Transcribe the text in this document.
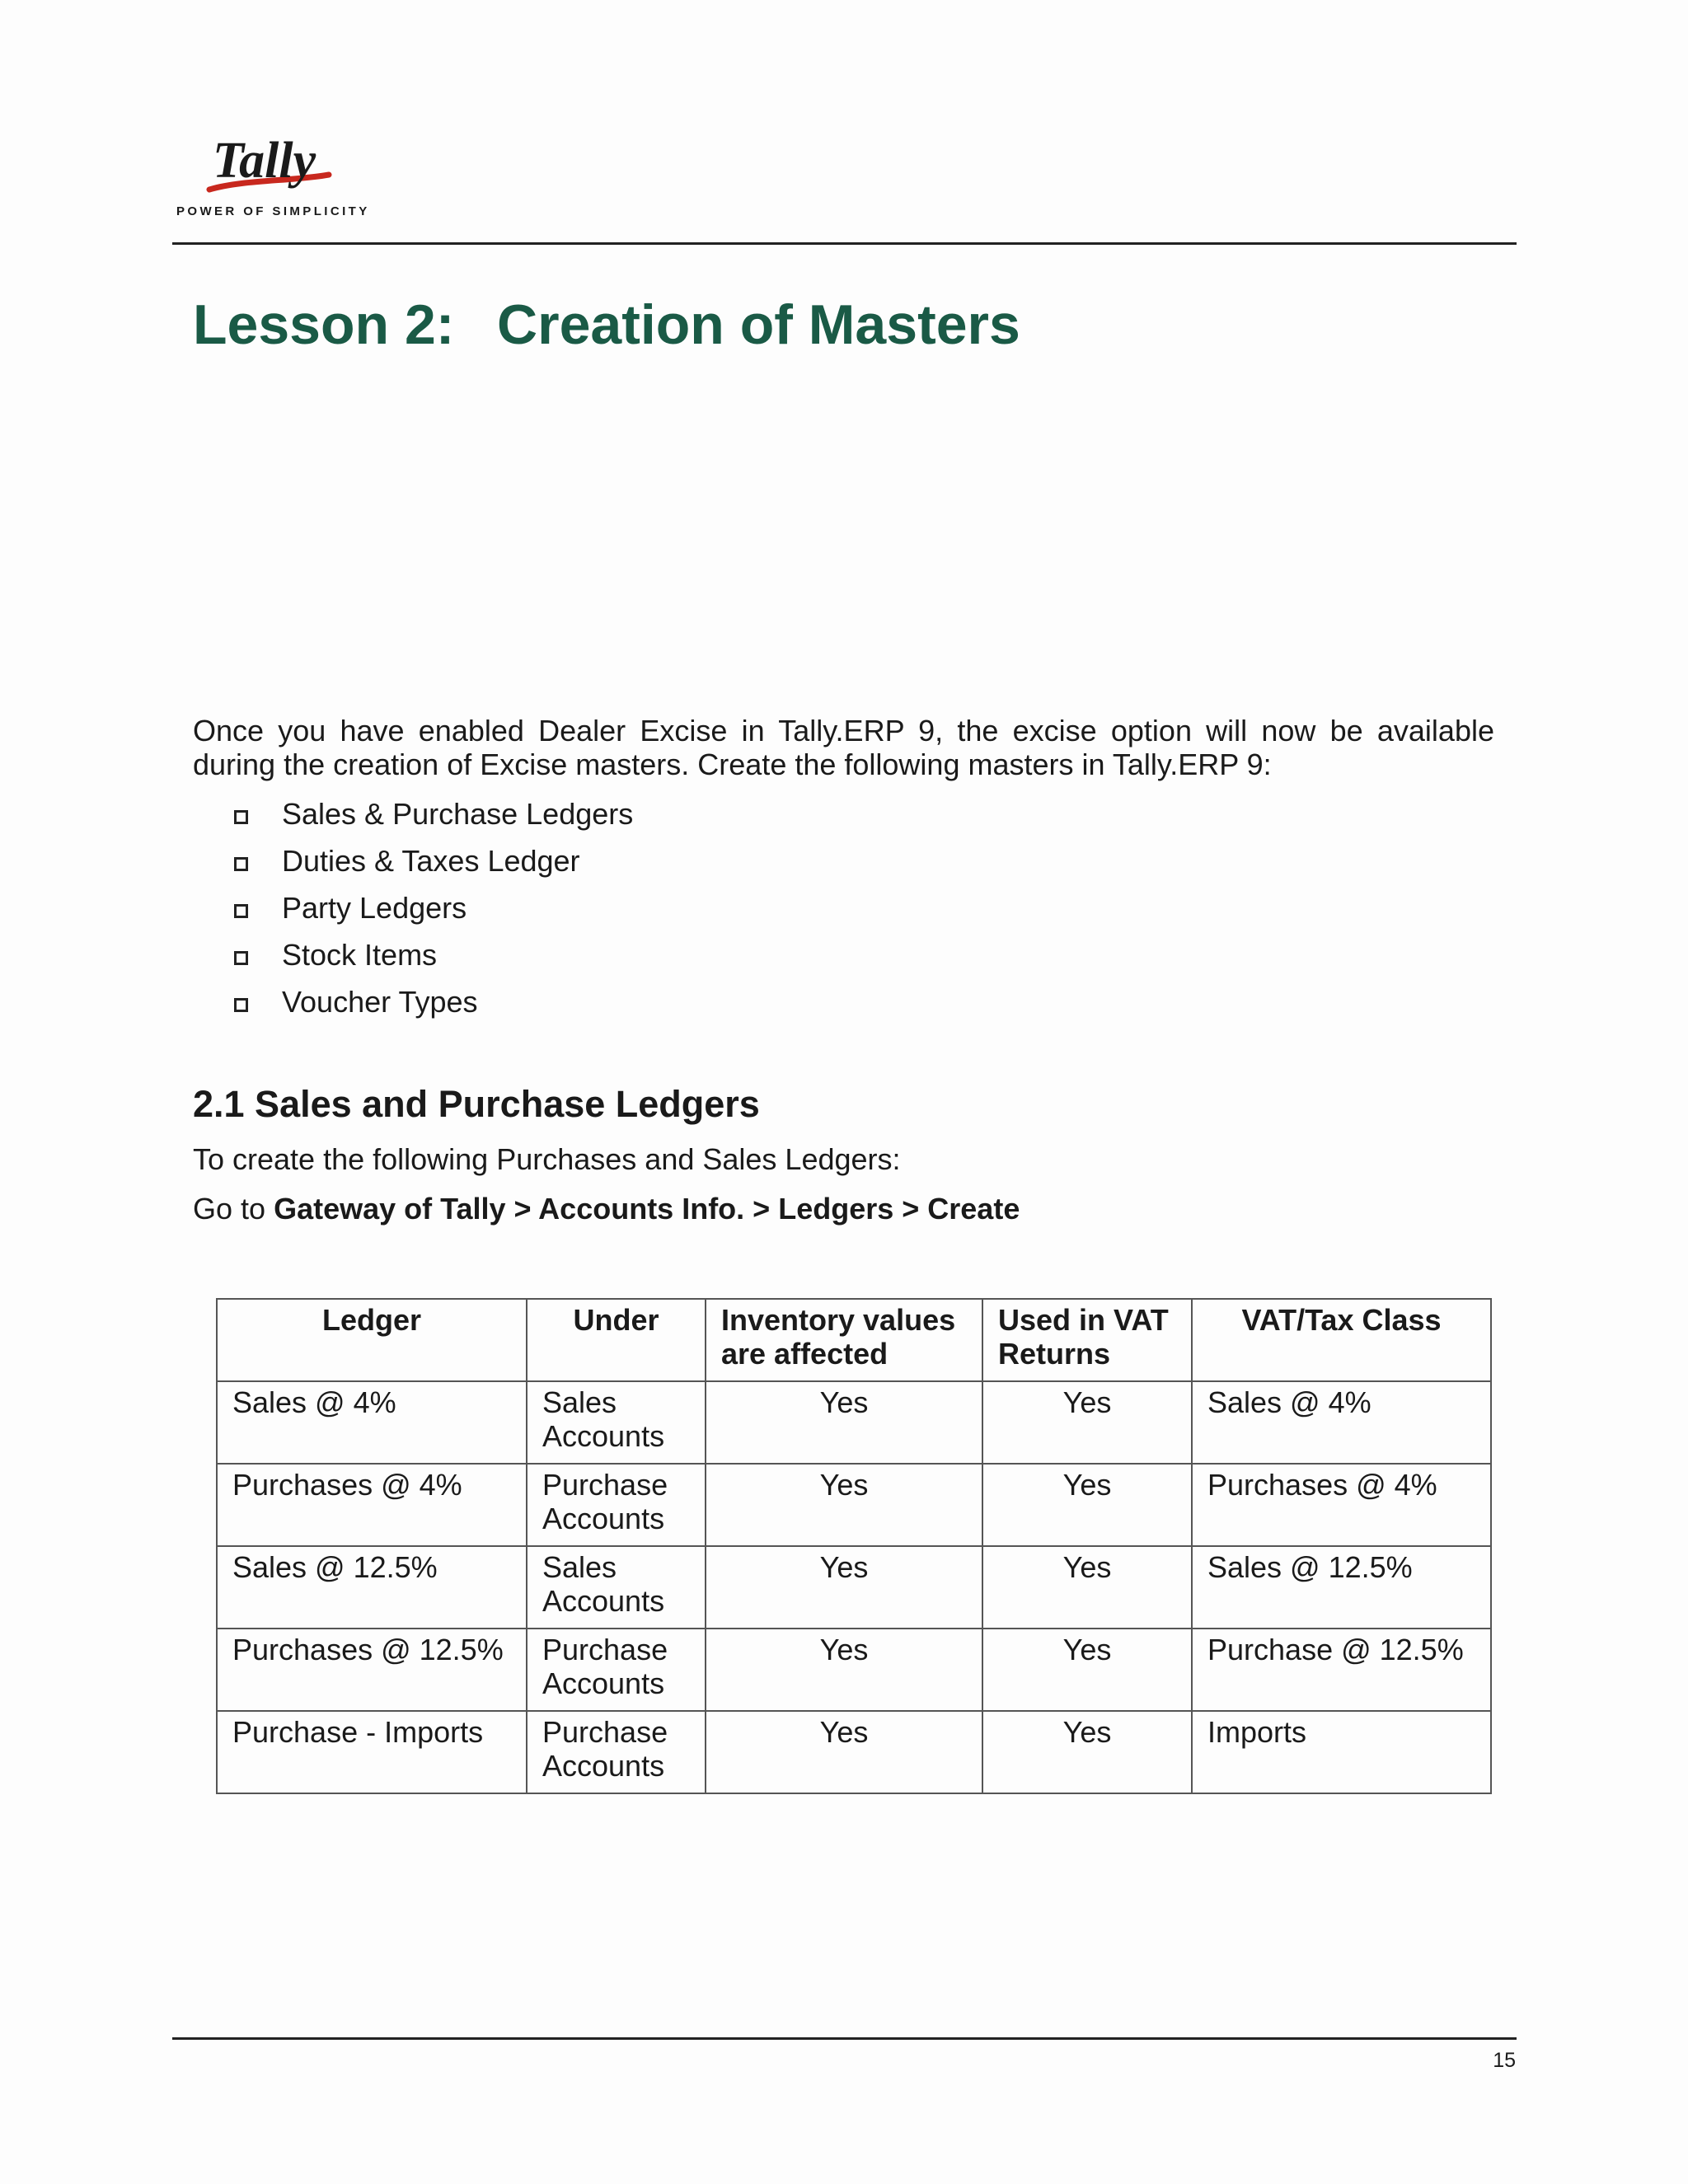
Tally
POWER OF SIMPLICITY
Lesson 2: Creation of Masters

Once you have enabled Dealer Excise in Tally.ERP 9, the excise option will now be available during the creation of Excise masters. Create the following masters in Tally.ERP 9:

Sales & Purchase Ledgers
Duties & Taxes Ledger
Party Ledgers
Stock Items
Voucher Types
2.1 Sales and Purchase Ledgers

To create the following Purchases and Sales Ledgers:

Go to Gateway of Tally > Accounts Info. > Ledgers > Create

Ledger	Under	Inventory values are affected	Used in VAT Returns	VAT/Tax Class
Sales @ 4%	Sales Accounts	Yes	Yes	Sales @ 4%
Purchases @ 4%	Purchase Accounts	Yes	Yes	Purchases @ 4%
Sales @ 12.5%	Sales Accounts	Yes	Yes	Sales @ 12.5%
Purchases @ 12.5%	Purchase Accounts	Yes	Yes	Purchase @ 12.5%
Purchase - Imports	Purchase Accounts	Yes	Yes	Imports
15
